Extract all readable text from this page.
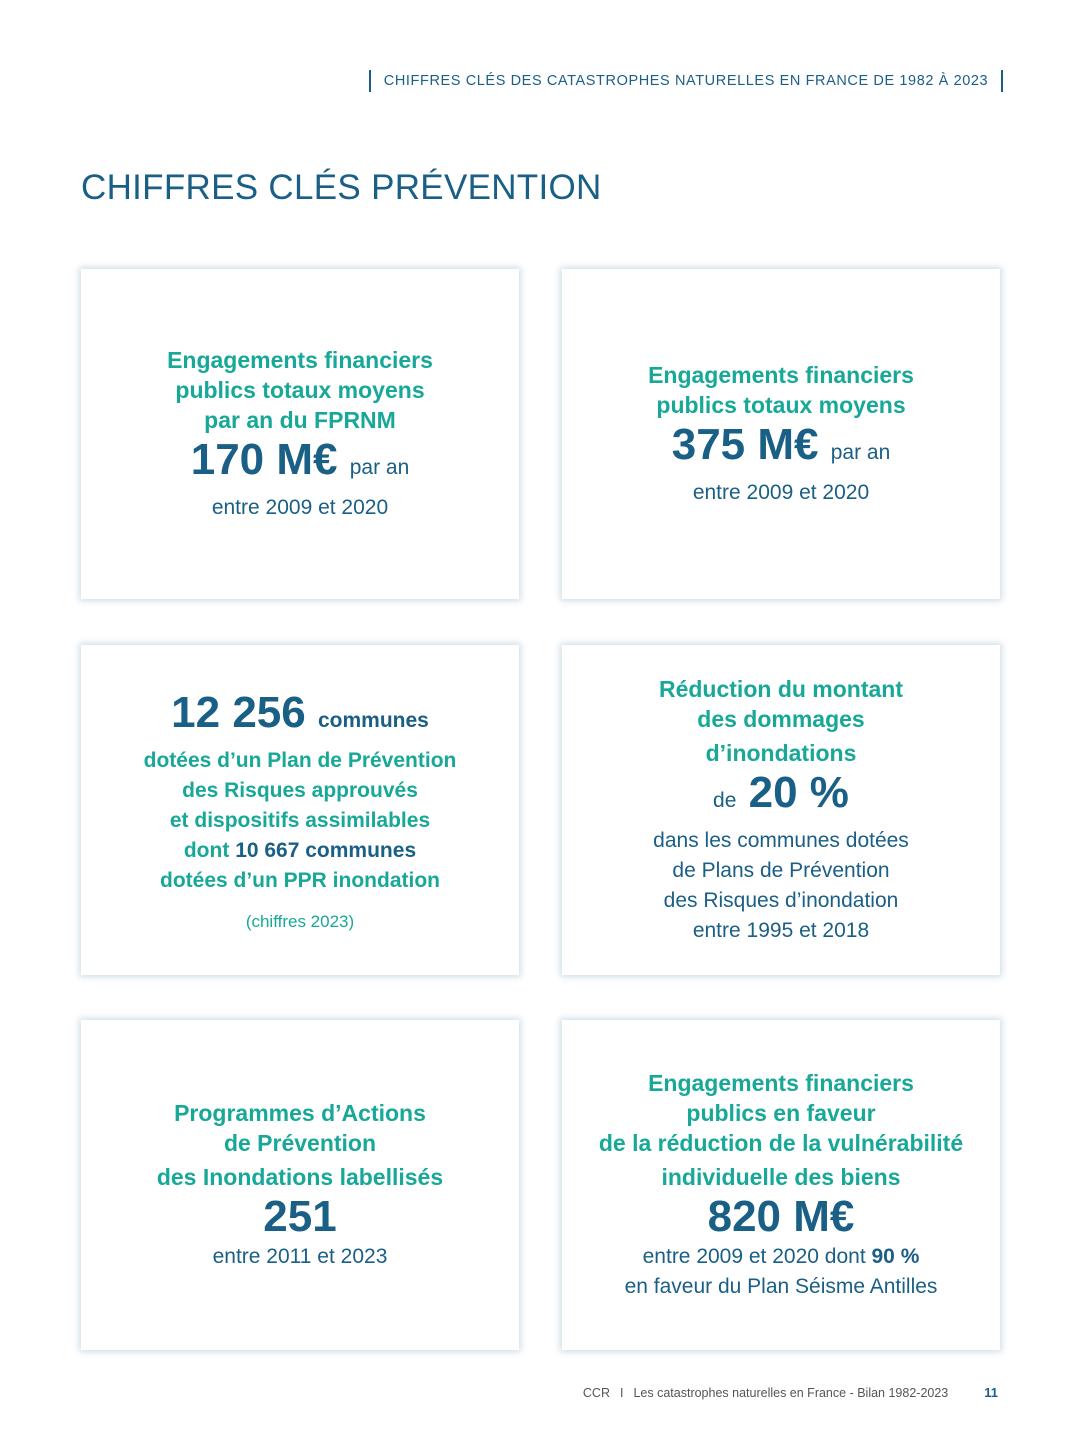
CHIFFRES CLÉS DES CATASTROPHES NATURELLES EN FRANCE DE 1982 À 2023
CHIFFRES CLÉS PRÉVENTION
Engagements financiers
publics totaux moyens
par an du FPRNM
170 M€ par an
entre 2009 et 2020
Engagements financiers
publics totaux moyens
375 M€ par an
entre 2009 et 2020
12 256 communes
dotées d’un Plan de Prévention
des Risques approuvés
et dispositifs assimilables
dont 10 667 communes
dotées d’un PPR inondation
(chiffres 2023)
Réduction du montant
des dommages
d’inondations
de 20 %
dans les communes dotées
de Plans de Prévention
des Risques d’inondation
entre 1995 et 2018
Programmes d’Actions
de Prévention
des Inondations labellisés
251
entre 2011 et 2023
Engagements financiers
publics en faveur
de la réduction de la vulnérabilité
individuelle des biens
820 M€
entre 2009 et 2020 dont 90 %
en faveur du Plan Séisme Antilles
CCR I Les catastrophes naturelles en France - Bilan 1982-2023	11
